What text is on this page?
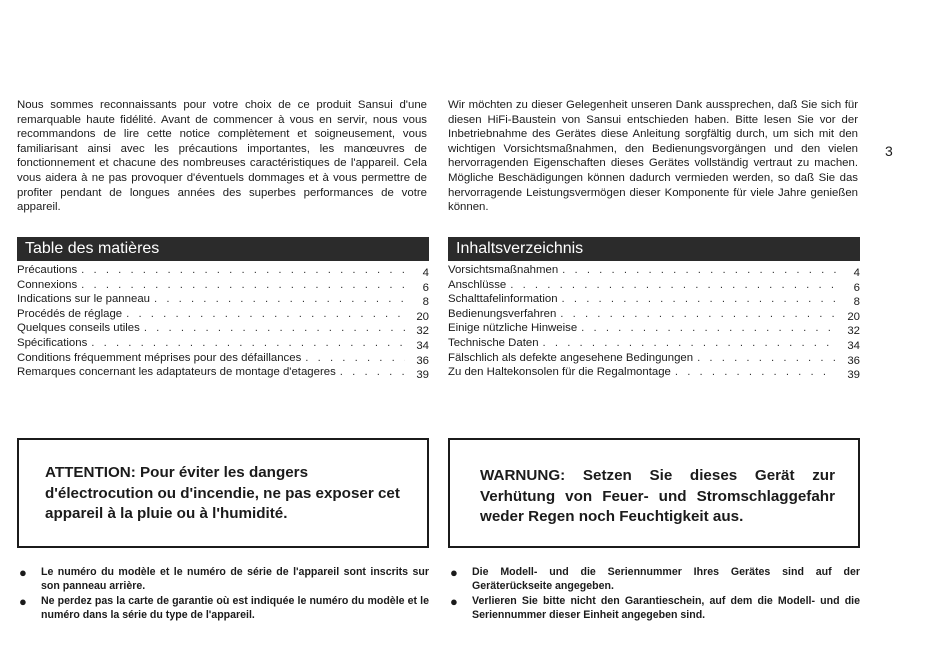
3

Nous sommes reconnaissants pour votre choix de ce produit Sansui d'une remarquable haute fidélité. Avant de commencer à vous en servir, nous vous recommandons de lire cette notice complètement et soigneusement, vous familiarisant ainsi avec les précautions importantes, les manœuvres de fonctionnement et chacune des nombreuses caractéristiques de l'appareil. Cela vous aidera à ne pas provoquer d'éventuels dommages et à vous permettre de profiter pendant de longues années des superbes performances de votre appareil.

Wir möchten zu dieser Gelegenheit unseren Dank aussprechen, daß Sie sich für diesen HiFi-Baustein von Sansui entschieden haben. Bitte lesen Sie vor der Inbetriebnahme des Gerätes diese Anleitung sorgfältig durch, um sich mit den wichtigen Vorsichtsmaßnahmen, den Bedienungsvorgängen und den vielen hervorragenden Eigenschaften dieses Gerätes vollständig vertraut zu machen. Mögliche Beschädigungen können dadurch vermieden werden, so daß Sie das hervorragende Leistungsvermögen dieser Komponente für viele Jahre genießen können.

Table des matières
Précautions . . .	4
Connexions . . .	6
Indications sur le panneau . . .	8
Procédés de réglage . . .	20
Quelques conseils utiles . . .	32
Spécifications . . .	34
Conditions fréquemment méprises pour des défaillances . . .	36
Remarques concernant les adaptateurs de montage d'etageres . . .	39
Inhaltsverzeichnis
Vorsichtsmaßnahmen . . .	4
Anschlüsse . . .	6
Schalttafelinformation . . .	8
Bedienungsverfahren . . .	20
Einige nützliche Hinweise . . .	32
Technische Daten . . .	34
Fälschlich als defekte angesehene Bedingungen . . .	36
Zu den Haltekonsolen für die Regalmontage . . .	39

ATTENTION: Pour éviter les dangers d'électrocution ou d'incendie, ne pas exposer cet appareil à la pluie ou à l'humidité.

WARNUNG: Setzen Sie dieses Gerät zur Verhütung von Feuer- und Stromschlaggefahr weder Regen noch Feuchtigkeit aus.

●	Le numéro du modèle et le numéro de série de l'appareil sont inscrits sur son panneau arrière.
●	Ne perdez pas la carte de garantie où est indiquée le numéro du modèle et le numéro dans la série du type de l'appareil.
●	Die Modell- und die Seriennummer Ihres Gerätes sind auf der Geräterückseite angegeben.
●	Verlieren Sie bitte nicht den Garantieschein, auf dem die Modell- und die Seriennummer dieser Einheit angegeben sind.
